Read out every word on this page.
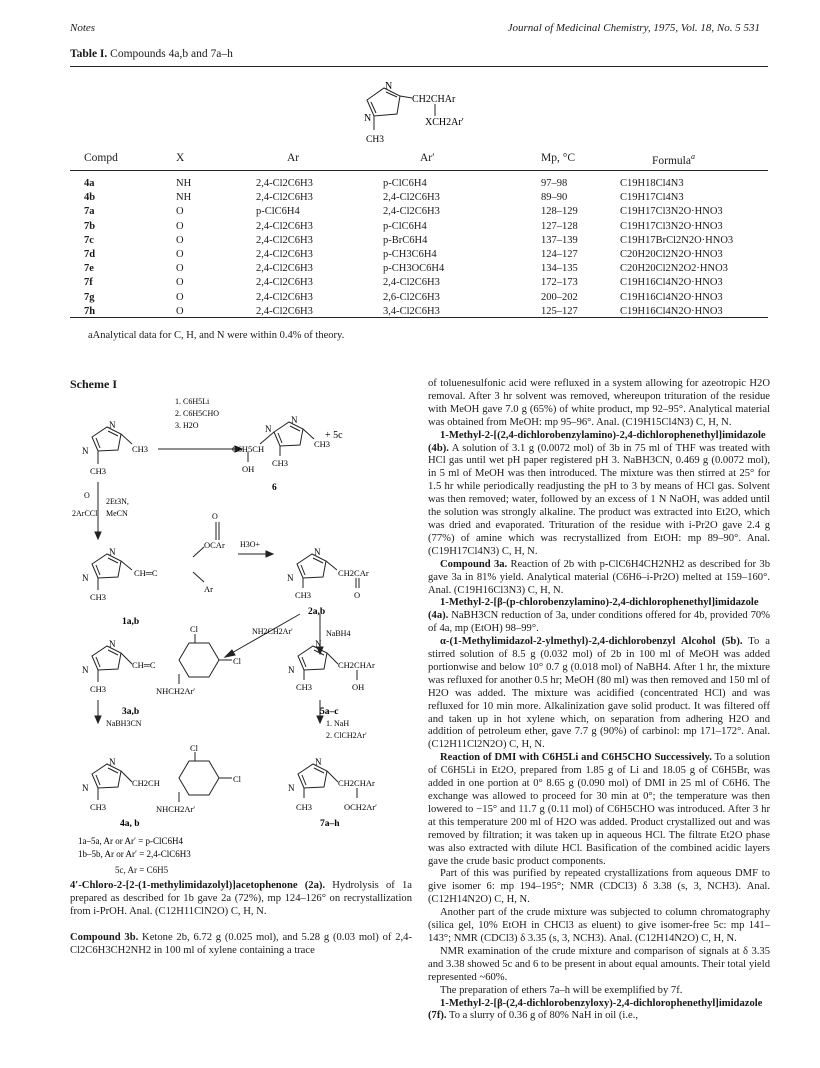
Notes	Journal of Medicinal Chemistry, 1975, Vol. 18, No. 5 531
Table I. Compounds 4a,b and 7a–h
N
N
CH3
CH2CHAr
XCH2Ar′
Compd	X	Ar	Ar′	Mp, °C	Formula$^a$
4a	NH	2,4-Cl2C6H3	p-ClC6H4	97–98	C19H18Cl4N3
4b	NH	2,4-Cl2C6H3	2,4-Cl2C6H3	89–90	C19H17Cl4N3
7a	O	p-ClC6H4	2,4-Cl2C6H3	128–129	C19H17Cl3N2O·HNO3
7b	O	2,4-Cl2C6H3	p-ClC6H4	127–128	C19H17Cl3N2O·HNO3
7c	O	2,4-Cl2C6H3	p-BrC6H4	137–139	C19H17BrCl2N2O·HNO3
7d	O	2,4-Cl2C6H3	p-CH3C6H4	124–127	C20H20Cl2N2O·HNO3
7e	O	2,4-Cl2C6H3	p-CH3OC6H4	134–135	C20H20Cl2N2O2·HNO3
7f	O	2,4-Cl2C6H3	2,4-Cl2C6H3	172–173	C19H16Cl4N2O·HNO3
7g	O	2,4-Cl2C6H3	2,6-Cl2C6H3	200–202	C19H16Cl4N2O·HNO3
7h	O	2,4-Cl2C6H3	3,4-Cl2C6H3	125–127	C19H16Cl4N2O·HNO3
aAnalytical data for C, H, and N were within 0.4% of theory.
Scheme I
1. C6H5Li
2. C6H5CHO
3. H2O
N
N	CH3
CH3
N
N
CH3
+ 5c
C6H5CH
OH
CH3
6
O
2Et3N,
MeCN
2ArCCl
N
N
CH3
CH═C
O
OCAr
Ar
1a,b
H3O+
N
N
CH3
CH2CAr
O
2a,b
NH2CH2Ar′	NaBH4
N
N
CH3
CH═C
Cl
Cl
NHCH2Ar′
3a,b
N
N
CH3
CH2CHAr
OH
5a–c
NaBH3CN	1. NaH
2. ClCH2Ar′
N
N
CH3
CH2CH
Cl
Cl
NHCH2Ar′
4a, b
N
N
CH3
CH2CHAr
OCH2Ar′
7a–h
1a–5a, Ar or Ar′ = p-ClC6H4
1b–5b, Ar or Ar′ = 2,4-ClC6H3
5c, Ar = C6H5
4′-Chloro-2-[2-(1-methylimidazolyl)]acetophenone (2a). Hydrolysis of 1a prepared as described for 1b gave 2a (72%), mp 124–126° on recrystallization from i-PrOH. Anal. (C12H11ClN2O) C, H, N.
Compound 3b. Ketone 2b, 6.72 g (0.025 mol), and 5.28 g (0.03 mol) of 2,4-Cl2C6H3CH2NH2 in 100 ml of xylene containing a trace

of toluenesulfonic acid were refluxed in a system allowing for azeotropic H2O removal. After 3 hr solvent was removed, whereupon trituration of the residue with MeOH gave 7.0 g (65%) of white product, mp 92–95°. Analytical material was obtained from MeOH: mp 95–96°. Anal. (C19H15Cl4N3) C, H, N.

1-Methyl-2-[(2,4-dichlorobenzylamino)-2,4-dichlorophenethyl]imidazole (4b). A solution of 3.1 g (0.0072 mol) of 3b in 75 ml of THF was treated with HCl gas until wet pH paper registered pH 3. NaBH3CN, 0.469 g (0.0072 mol), in 5 ml of MeOH was then introduced. The mixture was then stirred at 25° for 1.5 hr while periodically readjusting the pH to 3 by means of HCl gas. Solvent was then removed; water, followed by an excess of 1 N NaOH, was added until the solution was strongly alkaline. The product was extracted into Et2O, which was dried and evaporated. Trituration of the residue with i-Pr2O gave 2.4 g (77%) of amine which was recrystallized from EtOH: mp 89–90°. Anal. (C19H17Cl4N3) C, H, N.

Compound 3a. Reaction of 2b with p-ClC6H4CH2NH2 as described for 3b gave 3a in 81% yield. Analytical material (C6H6–i-Pr2O) melted at 159–160°. Anal. (C19H16Cl3N3) C, H, N.

1-Methyl-2-[β-(p-chlorobenzylamino)-2,4-dichlorophenethyl]imidazole (4a). NaBH3CN reduction of 3a, under conditions offered for 4b, provided 70% of 4a, mp (EtOH) 98–99°.

α-(1-Methylimidazol-2-ylmethyl)-2,4-dichlorobenzyl Alcohol (5b). To a stirred solution of 8.5 g (0.032 mol) of 2b in 100 ml of MeOH was added portionwise and below 10° 0.7 g (0.018 mol) of NaBH4. After 1 hr, the mixture was refluxed for another 0.5 hr; MeOH (80 ml) was then removed and 150 ml of H2O was added. The mixture was acidified (concentrated HCl) and was refluxed for 10 min more. Alkalinization gave solid product. It was filtered off and taken up in hot xylene which, on separation from adhering H2O and addition of petroleum ether, gave 7.7 g (90%) of carbinol: mp 171–172°. Anal. (C12H11Cl2N2O) C, H, N.

Reaction of DMI with C6H5Li and C6H5CHO Successively. To a solution of C6H5Li in Et2O, prepared from 1.85 g of Li and 18.05 g of C6H5Br, was added in one portion at 0° 8.65 g (0.090 mol) of DMI in 25 ml of C6H6. The exchange was allowed to proceed for 30 min at 0°; the temperature was then lowered to −15° and 11.7 g (0.11 mol) of C6H5CHO was introduced. After 3 hr at this temperature 200 ml of H2O was added. Product crystallized out and was removed by filtration; it was taken up in aqueous HCl. The filtrate Et2O phase was also extracted with dilute HCl. Basification of the combined acidic layers gave the crude basic product components.

Part of this was purified by repeated crystallizations from aqueous DMF to give isomer 6: mp 194–195°; NMR (CDCl3) δ 3.38 (s, 3, NCH3). Anal. (C12H14N2O) C, H, N.

Another part of the crude mixture was subjected to column chromatography (silica gel, 10% EtOH in CHCl3 as eluent) to give isomer-free 5c: mp 141–143°; NMR (CDCl3) δ 3.35 (s, 3, NCH3). Anal. (C12H14N2O) C, H, N.

NMR examination of the crude mixture and comparison of signals at δ 3.35 and 3.38 showed 5c and 6 to be present in about equal amounts. Their total yield represented ~60%.

The preparation of ethers 7a–h will be exemplified by 7f.

1-Methyl-2-[β-(2,4-dichlorobenzyloxy)-2,4-dichlorophenethyl]imidazole (7f). To a slurry of 0.36 g of 80% NaH in oil (i.e.,
